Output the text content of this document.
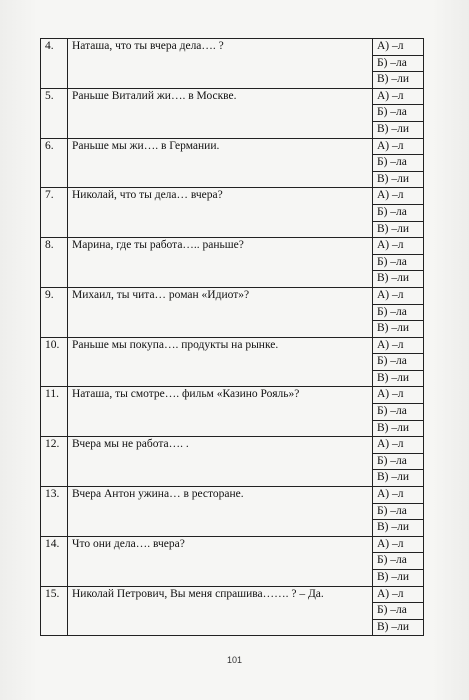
4.	Наташа, что ты вчера дела…. ?	А) –л
		Б) –ла
		В) –ли
5.	Раньше Виталий жи…. в Москве.	А) –л
		Б) –ла
		В) –ли
6.	Раньше мы жи…. в Германии.	А) –л
		Б) –ла
		В) –ли
7.	Николай, что ты дела… вчера?	А) –л
		Б) –ла
		В) –ли
8.	Марина, где ты работа….. раньше?	А) –л
		Б) –ла
		В) –ли
9.	Михаил, ты чита… роман «Идиот»?	А) –л
		Б) –ла
		В) –ли
10.	Раньше мы покупа…. продукты на рынке.	А) –л
		Б) –ла
		В) –ли
11.	Наташа, ты смотре…. фильм «Казино Рояль»?	А) –л
		Б) –ла
		В) –ли
12.	Вчера мы не работа…. .	А) –л
		Б) –ла
		В) –ли
13.	Вчера Антон ужина… в ресторане.	А) –л
		Б) –ла
		В) –ли
14.	Что они дела…. вчера?	А) –л
		Б) –ла
		В) –ли
15.	Николай Петрович, Вы меня спрашива……. ? – Да.	А) –л
		Б) –ла
		В) –ли
101
